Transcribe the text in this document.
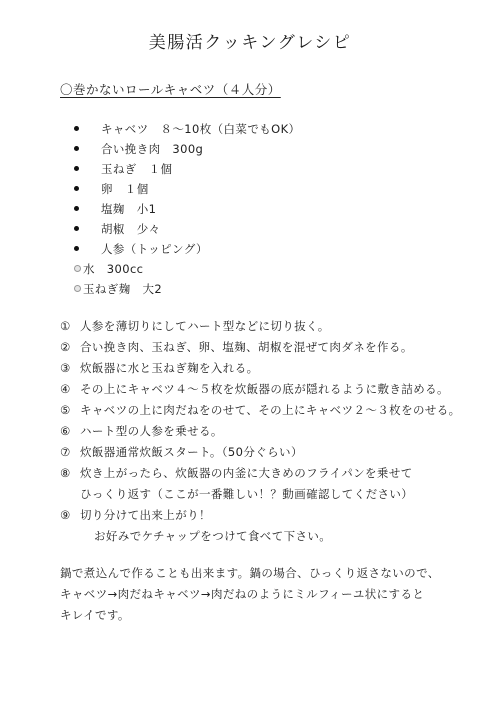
美腸活クッキングレシピ
〇巻かないロールキャベツ（４人分）
キャベツ　８～10枚（白菜でもOK）
合い挽き肉　300g
玉ねぎ　１個
卵　１個
塩麹　小1
胡椒　少々
人参（トッピング）
水　300cc
玉ねぎ麹　大2
① 人参を薄切りにしてハート型などに切り抜く。
② 合い挽き肉、玉ねぎ、卵、塩麹、胡椒を混ぜて肉ダネを作る。
③ 炊飯器に水と玉ねぎ麹を入れる。
④ その上にキャベツ４～５枚を炊飯器の底が隠れるように敷き詰める。
⑤ キャベツの上に肉だねをのせて、その上にキャベツ２～３枚をのせる。
⑥ ハート型の人参を乗せる。
⑦ 炊飯器通常炊飯スタート。（50分ぐらい）
⑧ 炊き上がったら、炊飯器の内釜に大きめのフライパンを乗せて
ひっくり返す（ここが一番難しい！？動画確認してください）
⑨ 切り分けて出来上がり！
お好みでケチャップをつけて食べて下さい。
鍋で煮込んで作ることも出来ます。鍋の場合、ひっくり返さないので、
キャベツ→肉だねキャベツ→肉だねのようにミルフィーユ状にすると
キレイです。
